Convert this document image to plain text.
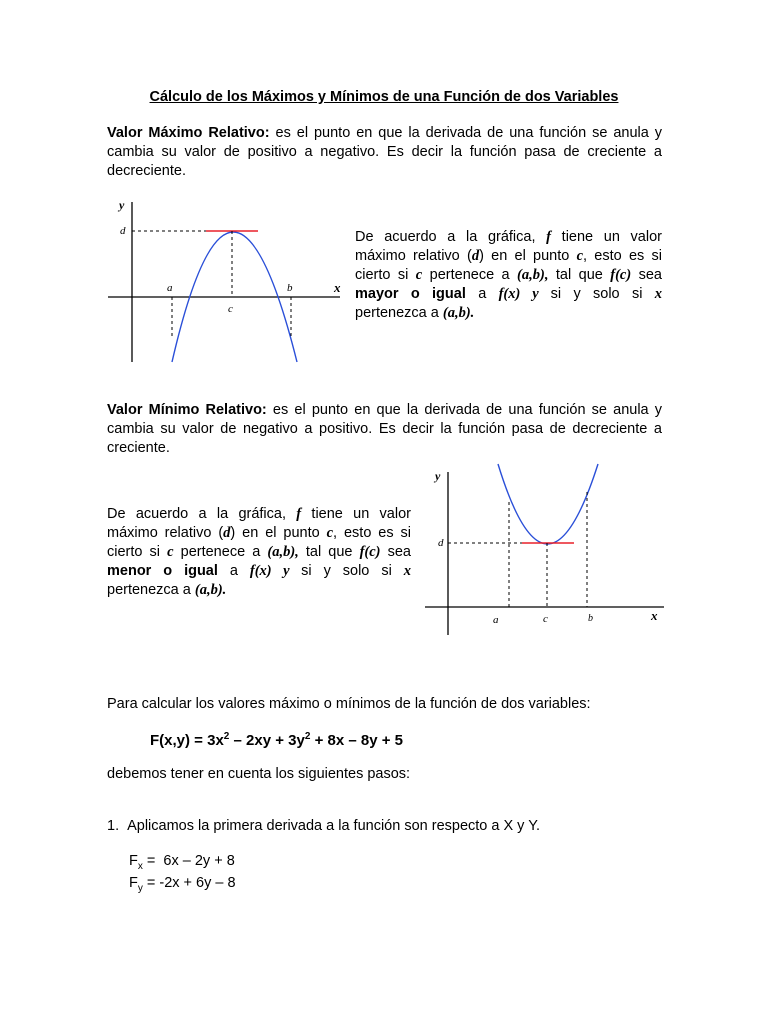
Cálculo de los Máximos y Mínimos de una Función de dos Variables
Valor Máximo Relativo: es el punto en que la derivada de una función se anula y cambia su valor de positivo a negativo. Es decir la función pasa de creciente a decreciente.
y
d
a	b
c
x
De acuerdo a la gráfica, f tiene un valor
máximo relativo (d) en el punto c, esto es si
cierto si c pertenece a (a,b), tal que f(c) sea
mayor o igual a f(x) y si y solo si x
pertenezca a (a,b).
Valor Mínimo Relativo: es el punto en que la derivada de una función se anula y cambia su valor de negativo a positivo. Es decir la función pasa de decreciente a creciente.
De acuerdo a la gráfica, f tiene un valor
máximo relativo (d) en el punto c, esto es si
cierto si c pertenece a (a,b), tal que f(c) sea
menor o igual a f(x) y si y solo si x
pertenezca a (a,b).
y
d
a	c	b	x
Para calcular los valores máximo o mínimos de la función de dos variables:
$F(x,y) = 3x^2 - 2xy + 3y^2 + 8x - 8y + 5$
debemos tener en cuenta los siguientes pasos:
1. Aplicamos la primera derivada a la función son respecto a X y Y.
$F_x = 6x - 2y + 8$
$F_y = -2x + 6y - 8$
